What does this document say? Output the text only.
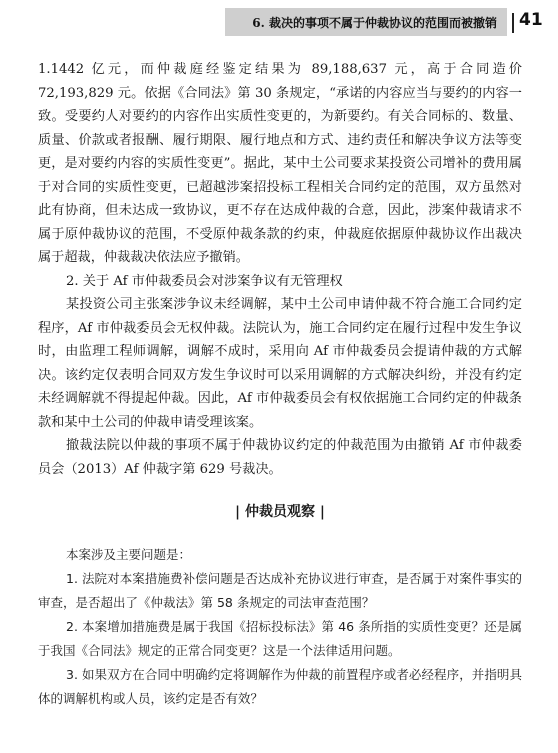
6. 裁决的事项不属于仲裁协议的范围而被撤销	41

1.1442 亿元，而仲裁庭经鉴定结果为 89,188,637 元，高于合同造价 72,193,829 元。依据《合同法》第 30 条规定，“承诺的内容应当与要约的内容一致。受要约人对要约的内容作出实质性变更的，为新要约。有关合同标的、数量、质量、价款或者报酬、履行期限、履行地点和方式、违约责任和解决争议方法等变更，是对要约内容的实质性变更”。据此，某中土公司要求某投资公司增补的费用属于对合同的实质性变更，已超越涉案招投标工程相关合同约定的范围，双方虽然对此有协商，但未达成一致协议，更不存在达成仲裁的合意，因此，涉案仲裁请求不属于原仲裁协议的范围，不受原仲裁条款的约束，仲裁庭依据原仲裁协议作出裁决属于超裁，仲裁裁决依法应予撤销。

2. 关于 Af 市仲裁委员会对涉案争议有无管理权

某投资公司主张案涉争议未经调解，某中土公司申请仲裁不符合施工合同约定程序，Af 市仲裁委员会无权仲裁。法院认为，施工合同约定在履行过程中发生争议时，由监理工程师调解，调解不成时，采用向 Af 市仲裁委员会提请仲裁的方式解决。该约定仅表明合同双方发生争议时可以采用调解的方式解决纠纷，并没有约定未经调解就不得提起仲裁。因此，Af 市仲裁委员会有权依据施工合同约定的仲裁条款和某中土公司的仲裁申请受理该案。

撤裁法院以仲裁的事项不属于仲裁协议约定的仲裁范围为由撤销 Af 市仲裁委员会（2013）Af 仲裁字第 629 号裁决。

| 仲裁员观察 |

本案涉及主要问题是：

1. 法院对本案措施费补偿问题是否达成补充协议进行审查，是否属于对案件事实的审查，是否超出了《仲裁法》第 58 条规定的司法审查范围？

2. 本案增加措施费是属于我国《招标投标法》第 46 条所指的实质性变更？还是属于我国《合同法》规定的正常合同变更？这是一个法律适用问题。

3. 如果双方在合同中明确约定将调解作为仲裁的前置程序或者必经程序，并指明具体的调解机构或人员，该约定是否有效？
